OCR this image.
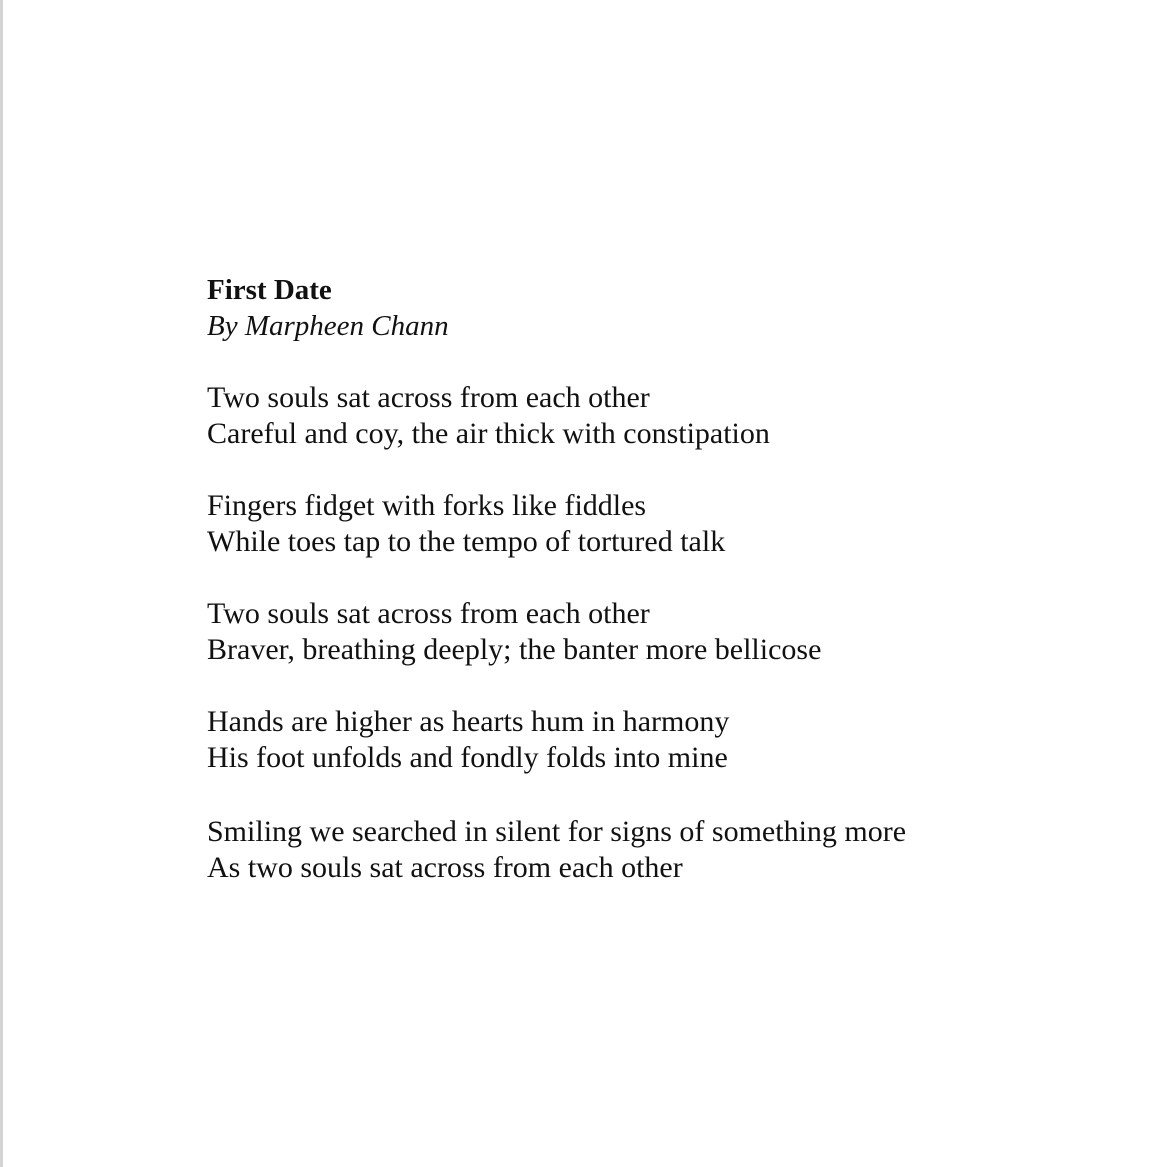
First Date
By Marpheen Chann
Two souls sat across from each other
Careful and coy, the air thick with constipation
Fingers fidget with forks like fiddles
While toes tap to the tempo of tortured talk
Two souls sat across from each other
Braver, breathing deeply; the banter more bellicose
Hands are higher as hearts hum in harmony
His foot unfolds and fondly folds into mine
Smiling we searched in silent for signs of something more
As two souls sat across from each other
